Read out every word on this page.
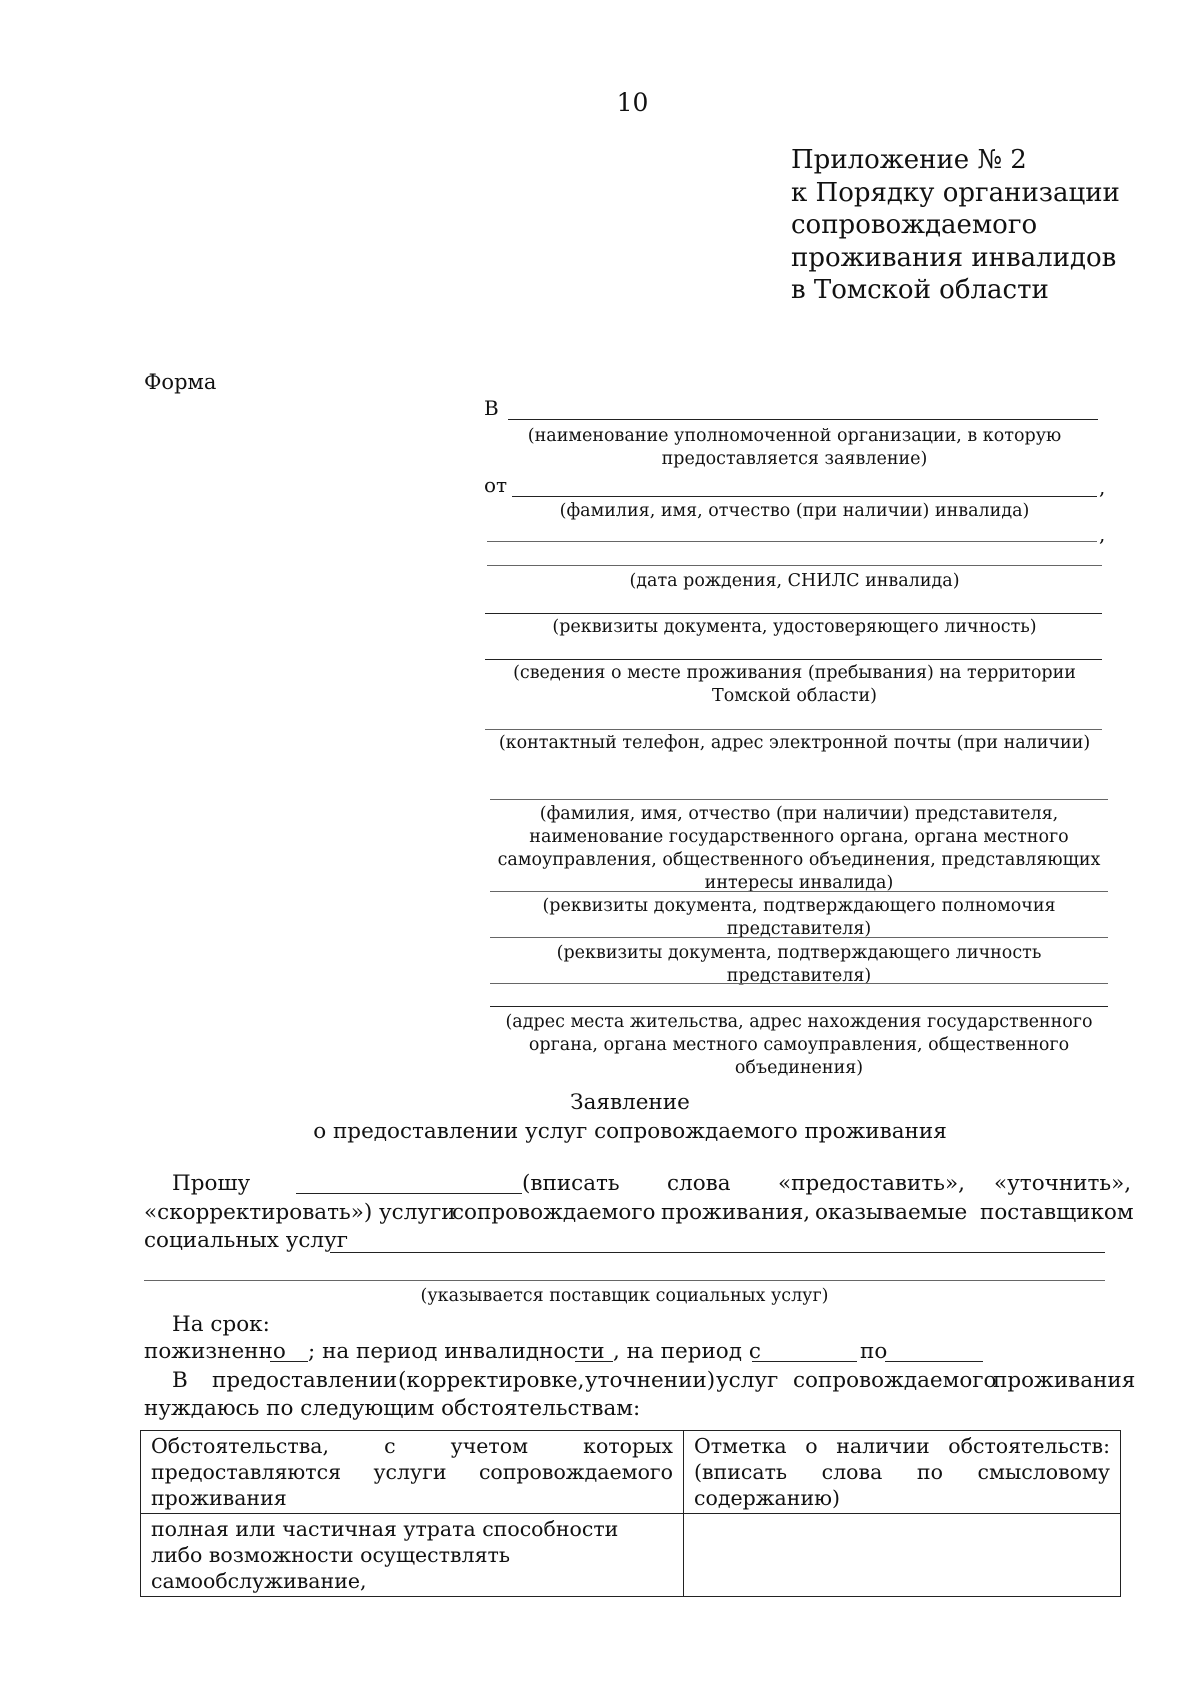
10
Приложение № 2
к Порядку организации
сопровождаемого
проживания инвалидов
в Томской области
Форма
В
(наименование уполномоченной организации, в которую предоставляется заявление)
от	,
(фамилия, имя, отчество (при наличии) инвалида)
,
(дата рождения, СНИЛС инвалида)
(реквизиты документа, удостоверяющего личность)
(сведения о месте проживания (пребывания) на территории Томской области)
(контактный телефон, адрес электронной почты (при наличии)
(фамилия, имя, отчество (при наличии) представителя, наименование государственного органа, органа местного самоуправления, общественного объединения, представляющих интересы инвалида)
(реквизиты документа, подтверждающего полномочия представителя)
(реквизиты документа, подтверждающего личность представителя)
(адрес места жительства, адрес нахождения государственного органа, органа местного самоуправления, общественного объединения)
Заявление
о предоставлении услуг сопровождаемого проживания
Прошу	(вписать слова «предоставить», «уточнить»,
«скорректировать») услуги
сопровождаемого проживания, оказываемые поставщиком
социальных услуг
(указывается поставщик социальных услуг)
На срок:
пожизненно ; на период инвалидности , на период с	по
В предоставлении (корректировке, уточнении) услуг сопровождаемого
проживания
нуждаюсь по следующим обстоятельствам:
Обстоятельства, с учетом которых предоставляются услуги сопровождаемого проживания	Отметка о наличии обстоятельств: (вписать слова по смысловому содержанию)
полная или частичная утрата способности либо возможности осуществлять самообслуживание,	
